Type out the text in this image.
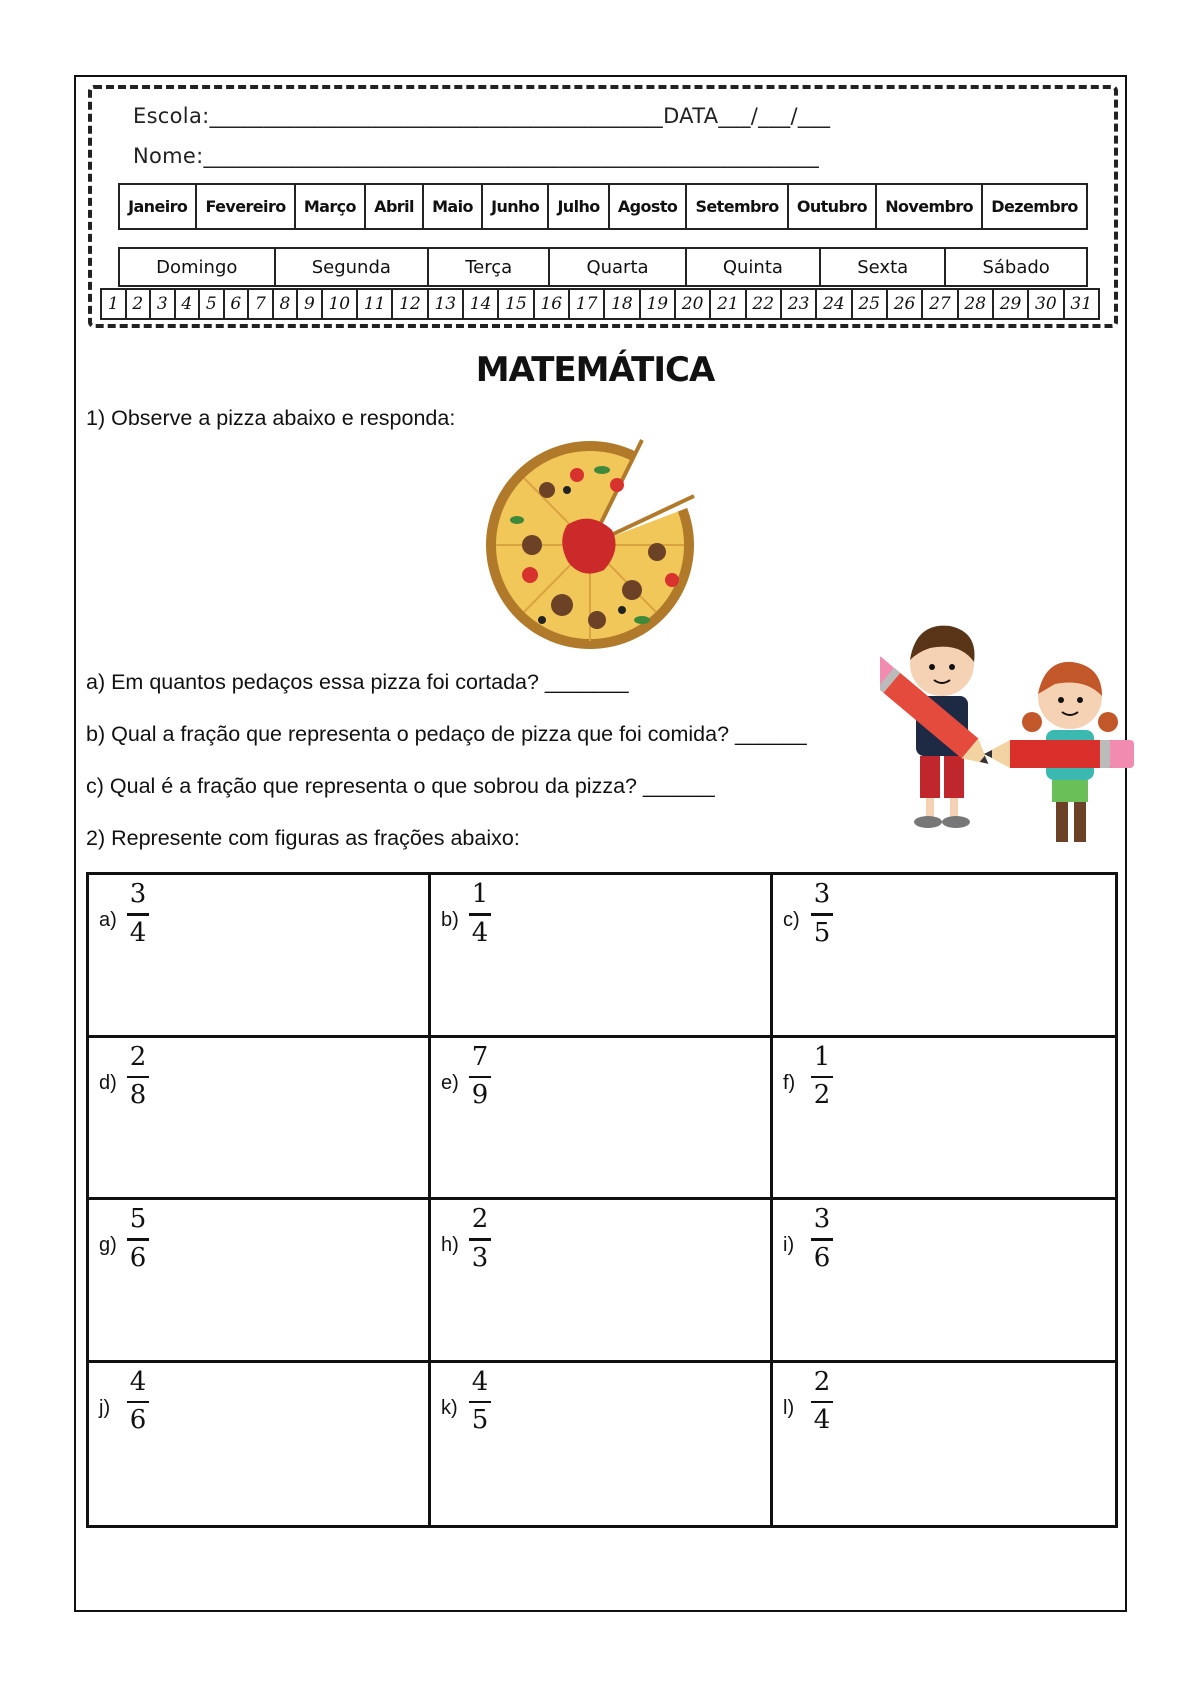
Escola:__________________________________________DATA___/___/___
Nome:_________________________________________________________
Janeiro	Fevereiro	Março	Abril	Maio	Junho	Julho	Agosto	Setembro	Outubro	Novembro	Dezembro
Domingo	Segunda	Terça	Quarta	Quinta	Sexta	Sábado
1 2 3 4 5 6 7 8 9 10 11 12 13 14 15 16 17 18 19 20 21 22 23 24 25 26 27 28 29 30 31
MATEMÁTICA
1) Observe a pizza abaixo e responda:
a) Em quantos pedaços essa pizza foi cortada? _______
b) Qual a fração que representa o pedaço de pizza que foi comida? ______
c) Qual é a fração que representa o que sobrou da pizza? ______
2) Represente com figuras as frações abaixo:
a)
3
4	b)
1
4	c)
3
5
d)
2
8	e)
7
9	f)
1
2
g)
5
6	h)
2
3	i)
3
6
j)
4
6	k)
4
5	l)
2
4
